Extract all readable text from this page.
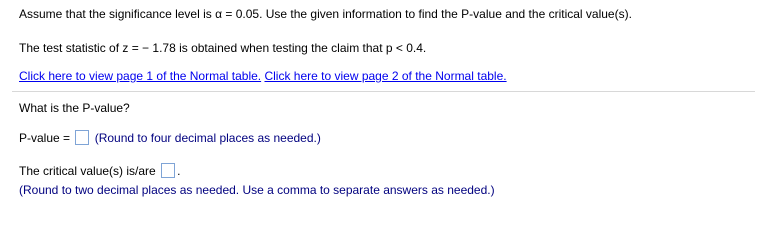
Assume that the significance level is α = 0.05. Use the given information to find the P-value and the critical value(s).
The test statistic of z = − 1.78 is obtained when testing the claim that p < 0.4.
Click here to view page 1 of the Normal table. Click here to view page 2 of the Normal table.
What is the P-value?
P-value = (Round to four decimal places as needed.)
The critical value(s) is/are .
(Round to two decimal places as needed. Use a comma to separate answers as needed.)
